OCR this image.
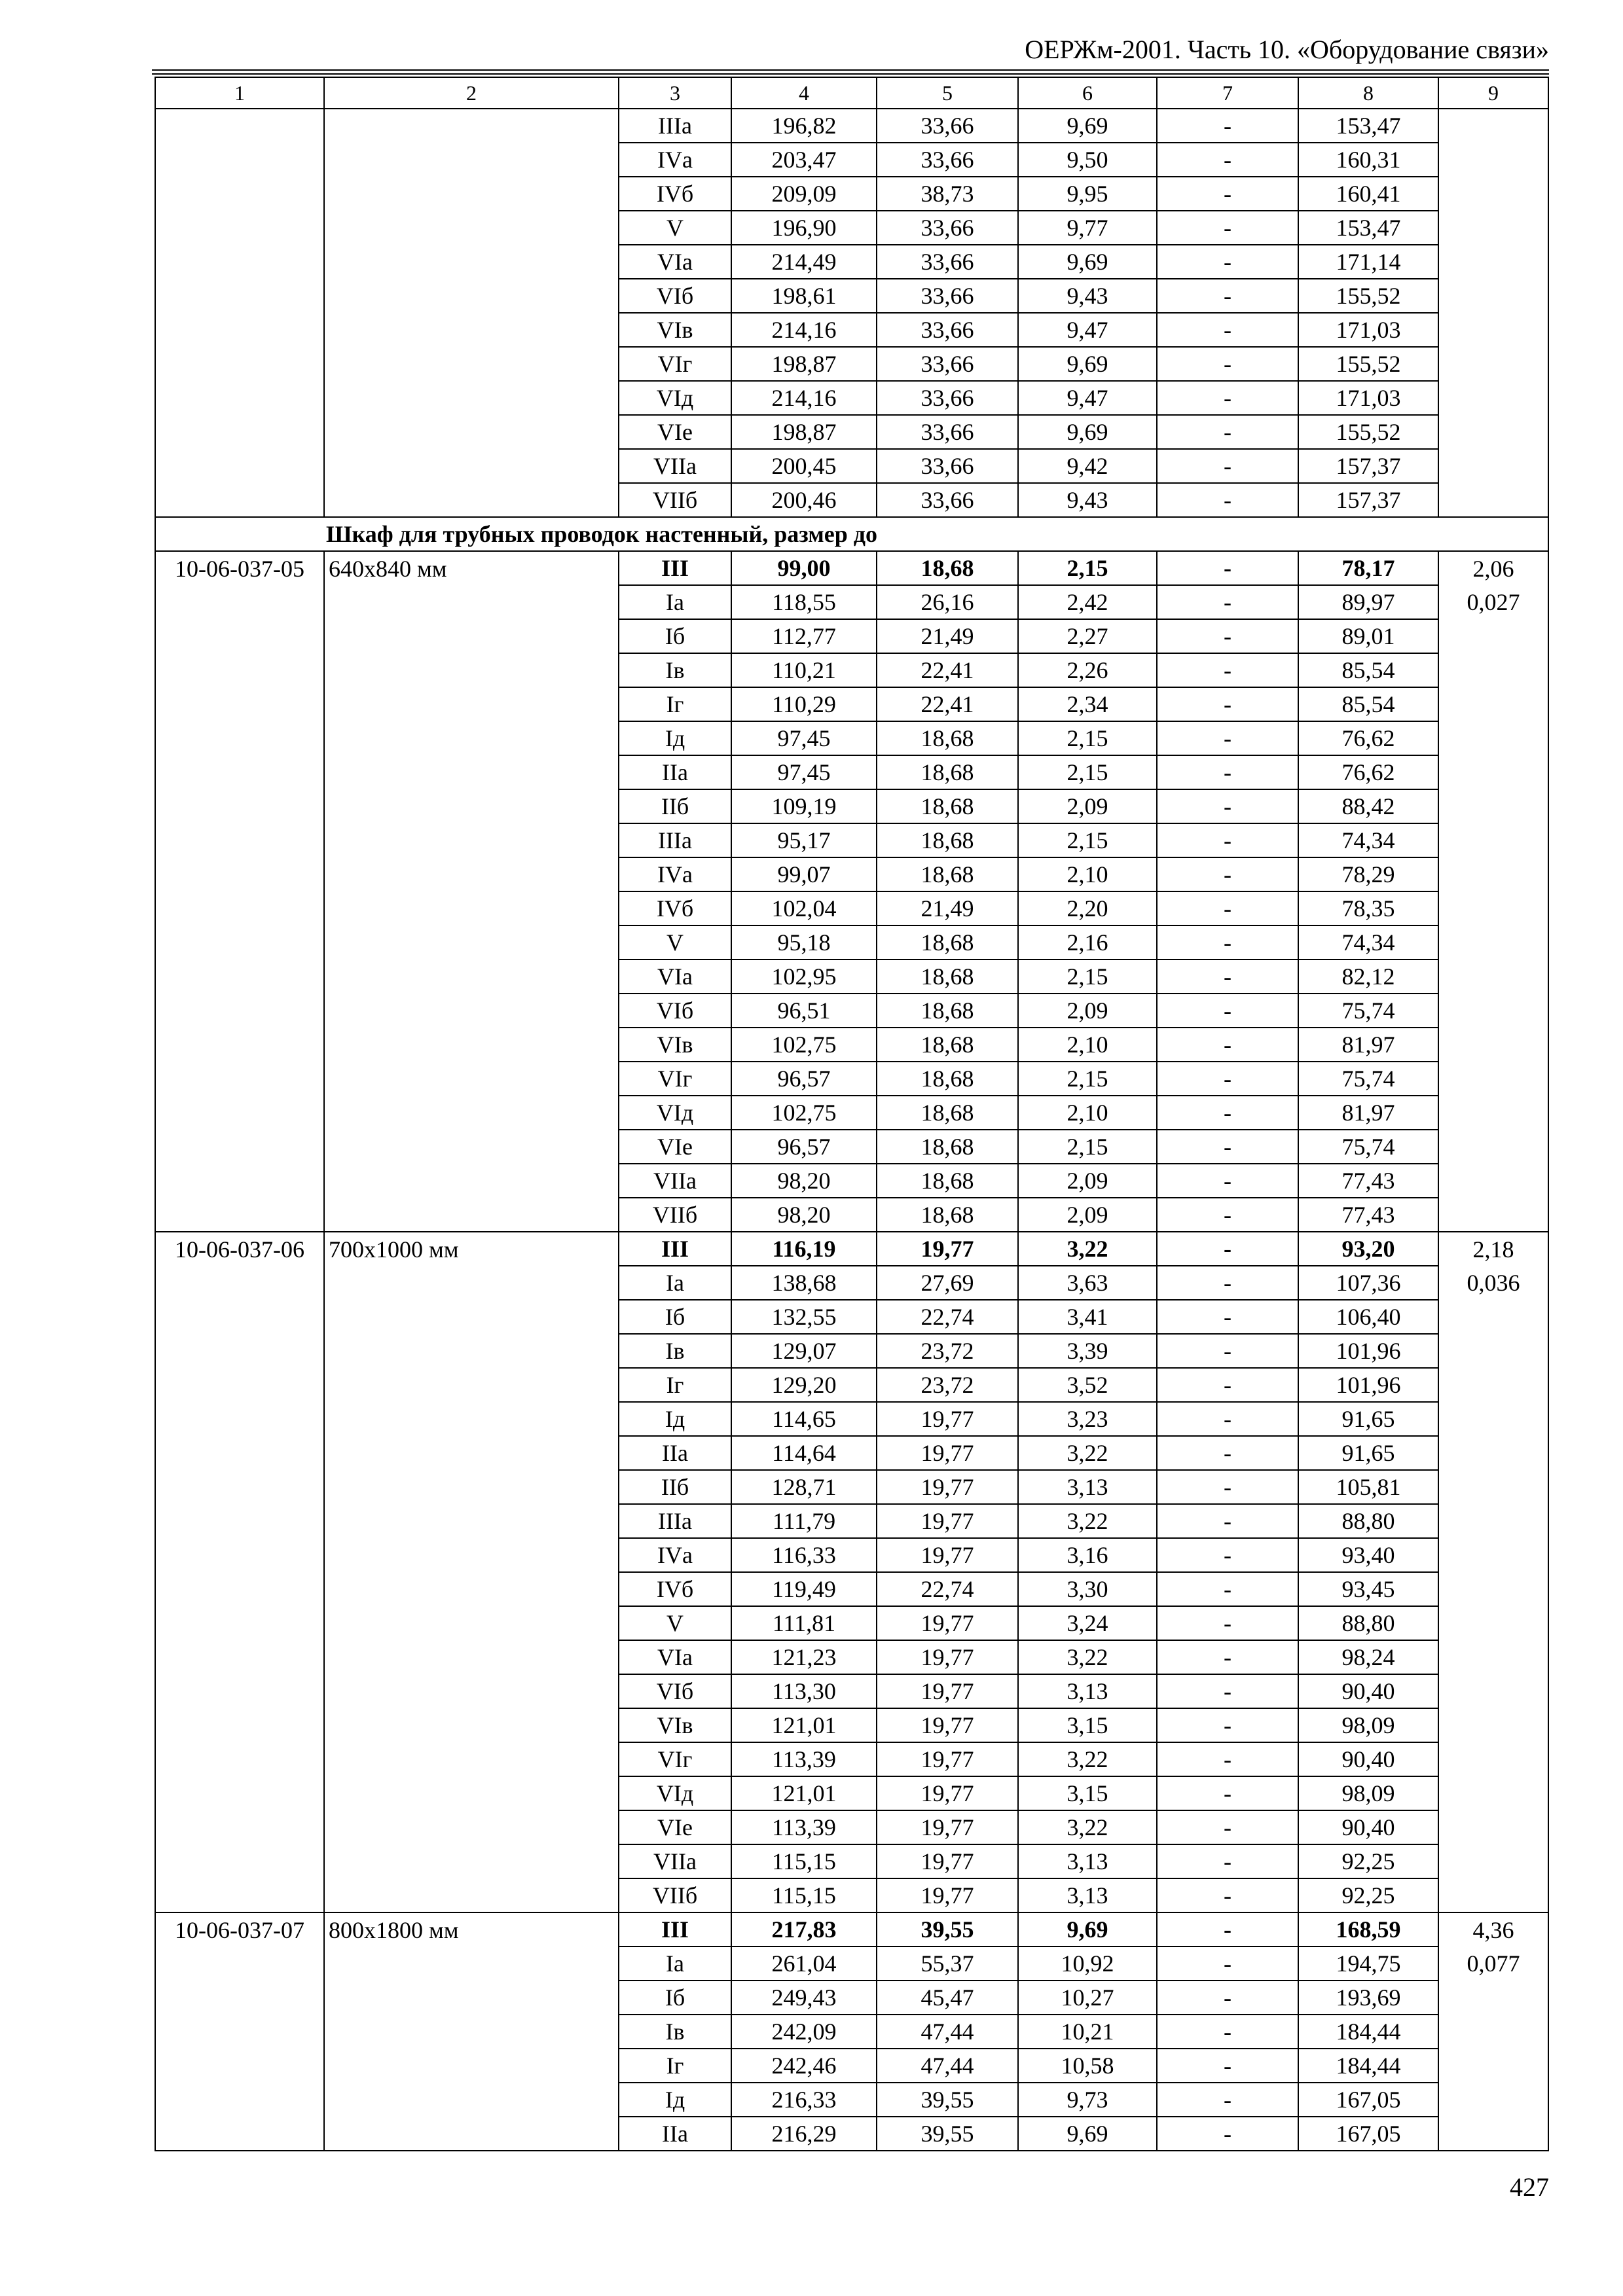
ОЕРЖм-2001. Часть 10. «Оборудование связи»
1	2	3	4	5	6	7	8	9
		IIIа	196,82	33,66	9,69	-	153,47	
		IVа	203,47	33,66	9,50	-	160,31	
		IVб	209,09	38,73	9,95	-	160,41	
		V	196,90	33,66	9,77	-	153,47	
		VIа	214,49	33,66	9,69	-	171,14	
		VIб	198,61	33,66	9,43	-	155,52	
		VIв	214,16	33,66	9,47	-	171,03	
		VIг	198,87	33,66	9,69	-	155,52	
		VIд	214,16	33,66	9,47	-	171,03	
		VIе	198,87	33,66	9,69	-	155,52	
		VIIа	200,45	33,66	9,42	-	157,37	
		VIIб	200,46	33,66	9,43	-	157,37	
Шкаф для трубных проводок настенный, размер до								
10-06-037-05	640x840 мм	III	99,00	18,68	2,15	-	78,17	2,06
		Iа	118,55	26,16	2,42	-	89,97	0,027
		Iб	112,77	21,49	2,27	-	89,01	
		Iв	110,21	22,41	2,26	-	85,54	
		Iг	110,29	22,41	2,34	-	85,54	
		Iд	97,45	18,68	2,15	-	76,62	
		IIа	97,45	18,68	2,15	-	76,62	
		IIб	109,19	18,68	2,09	-	88,42	
		IIIа	95,17	18,68	2,15	-	74,34	
		IVа	99,07	18,68	2,10	-	78,29	
		IVб	102,04	21,49	2,20	-	78,35	
		V	95,18	18,68	2,16	-	74,34	
		VIа	102,95	18,68	2,15	-	82,12	
		VIб	96,51	18,68	2,09	-	75,74	
		VIв	102,75	18,68	2,10	-	81,97	
		VIг	96,57	18,68	2,15	-	75,74	
		VIд	102,75	18,68	2,10	-	81,97	
		VIе	96,57	18,68	2,15	-	75,74	
		VIIа	98,20	18,68	2,09	-	77,43	
		VIIб	98,20	18,68	2,09	-	77,43	
10-06-037-06	700x1000 мм	III	116,19	19,77	3,22	-	93,20	2,18
		Iа	138,68	27,69	3,63	-	107,36	0,036
		Iб	132,55	22,74	3,41	-	106,40	
		Iв	129,07	23,72	3,39	-	101,96	
		Iг	129,20	23,72	3,52	-	101,96	
		Iд	114,65	19,77	3,23	-	91,65	
		IIа	114,64	19,77	3,22	-	91,65	
		IIб	128,71	19,77	3,13	-	105,81	
		IIIа	111,79	19,77	3,22	-	88,80	
		IVа	116,33	19,77	3,16	-	93,40	
		IVб	119,49	22,74	3,30	-	93,45	
		V	111,81	19,77	3,24	-	88,80	
		VIа	121,23	19,77	3,22	-	98,24	
		VIб	113,30	19,77	3,13	-	90,40	
		VIв	121,01	19,77	3,15	-	98,09	
		VIг	113,39	19,77	3,22	-	90,40	
		VIд	121,01	19,77	3,15	-	98,09	
		VIе	113,39	19,77	3,22	-	90,40	
		VIIа	115,15	19,77	3,13	-	92,25	
		VIIб	115,15	19,77	3,13	-	92,25	
10-06-037-07	800x1800 мм	III	217,83	39,55	9,69	-	168,59	4,36
		Iа	261,04	55,37	10,92	-	194,75	0,077
		Iб	249,43	45,47	10,27	-	193,69	
		Iв	242,09	47,44	10,21	-	184,44	
		Iг	242,46	47,44	10,58	-	184,44	
		Iд	216,33	39,55	9,73	-	167,05	
		IIа	216,29	39,55	9,69	-	167,05	
427
